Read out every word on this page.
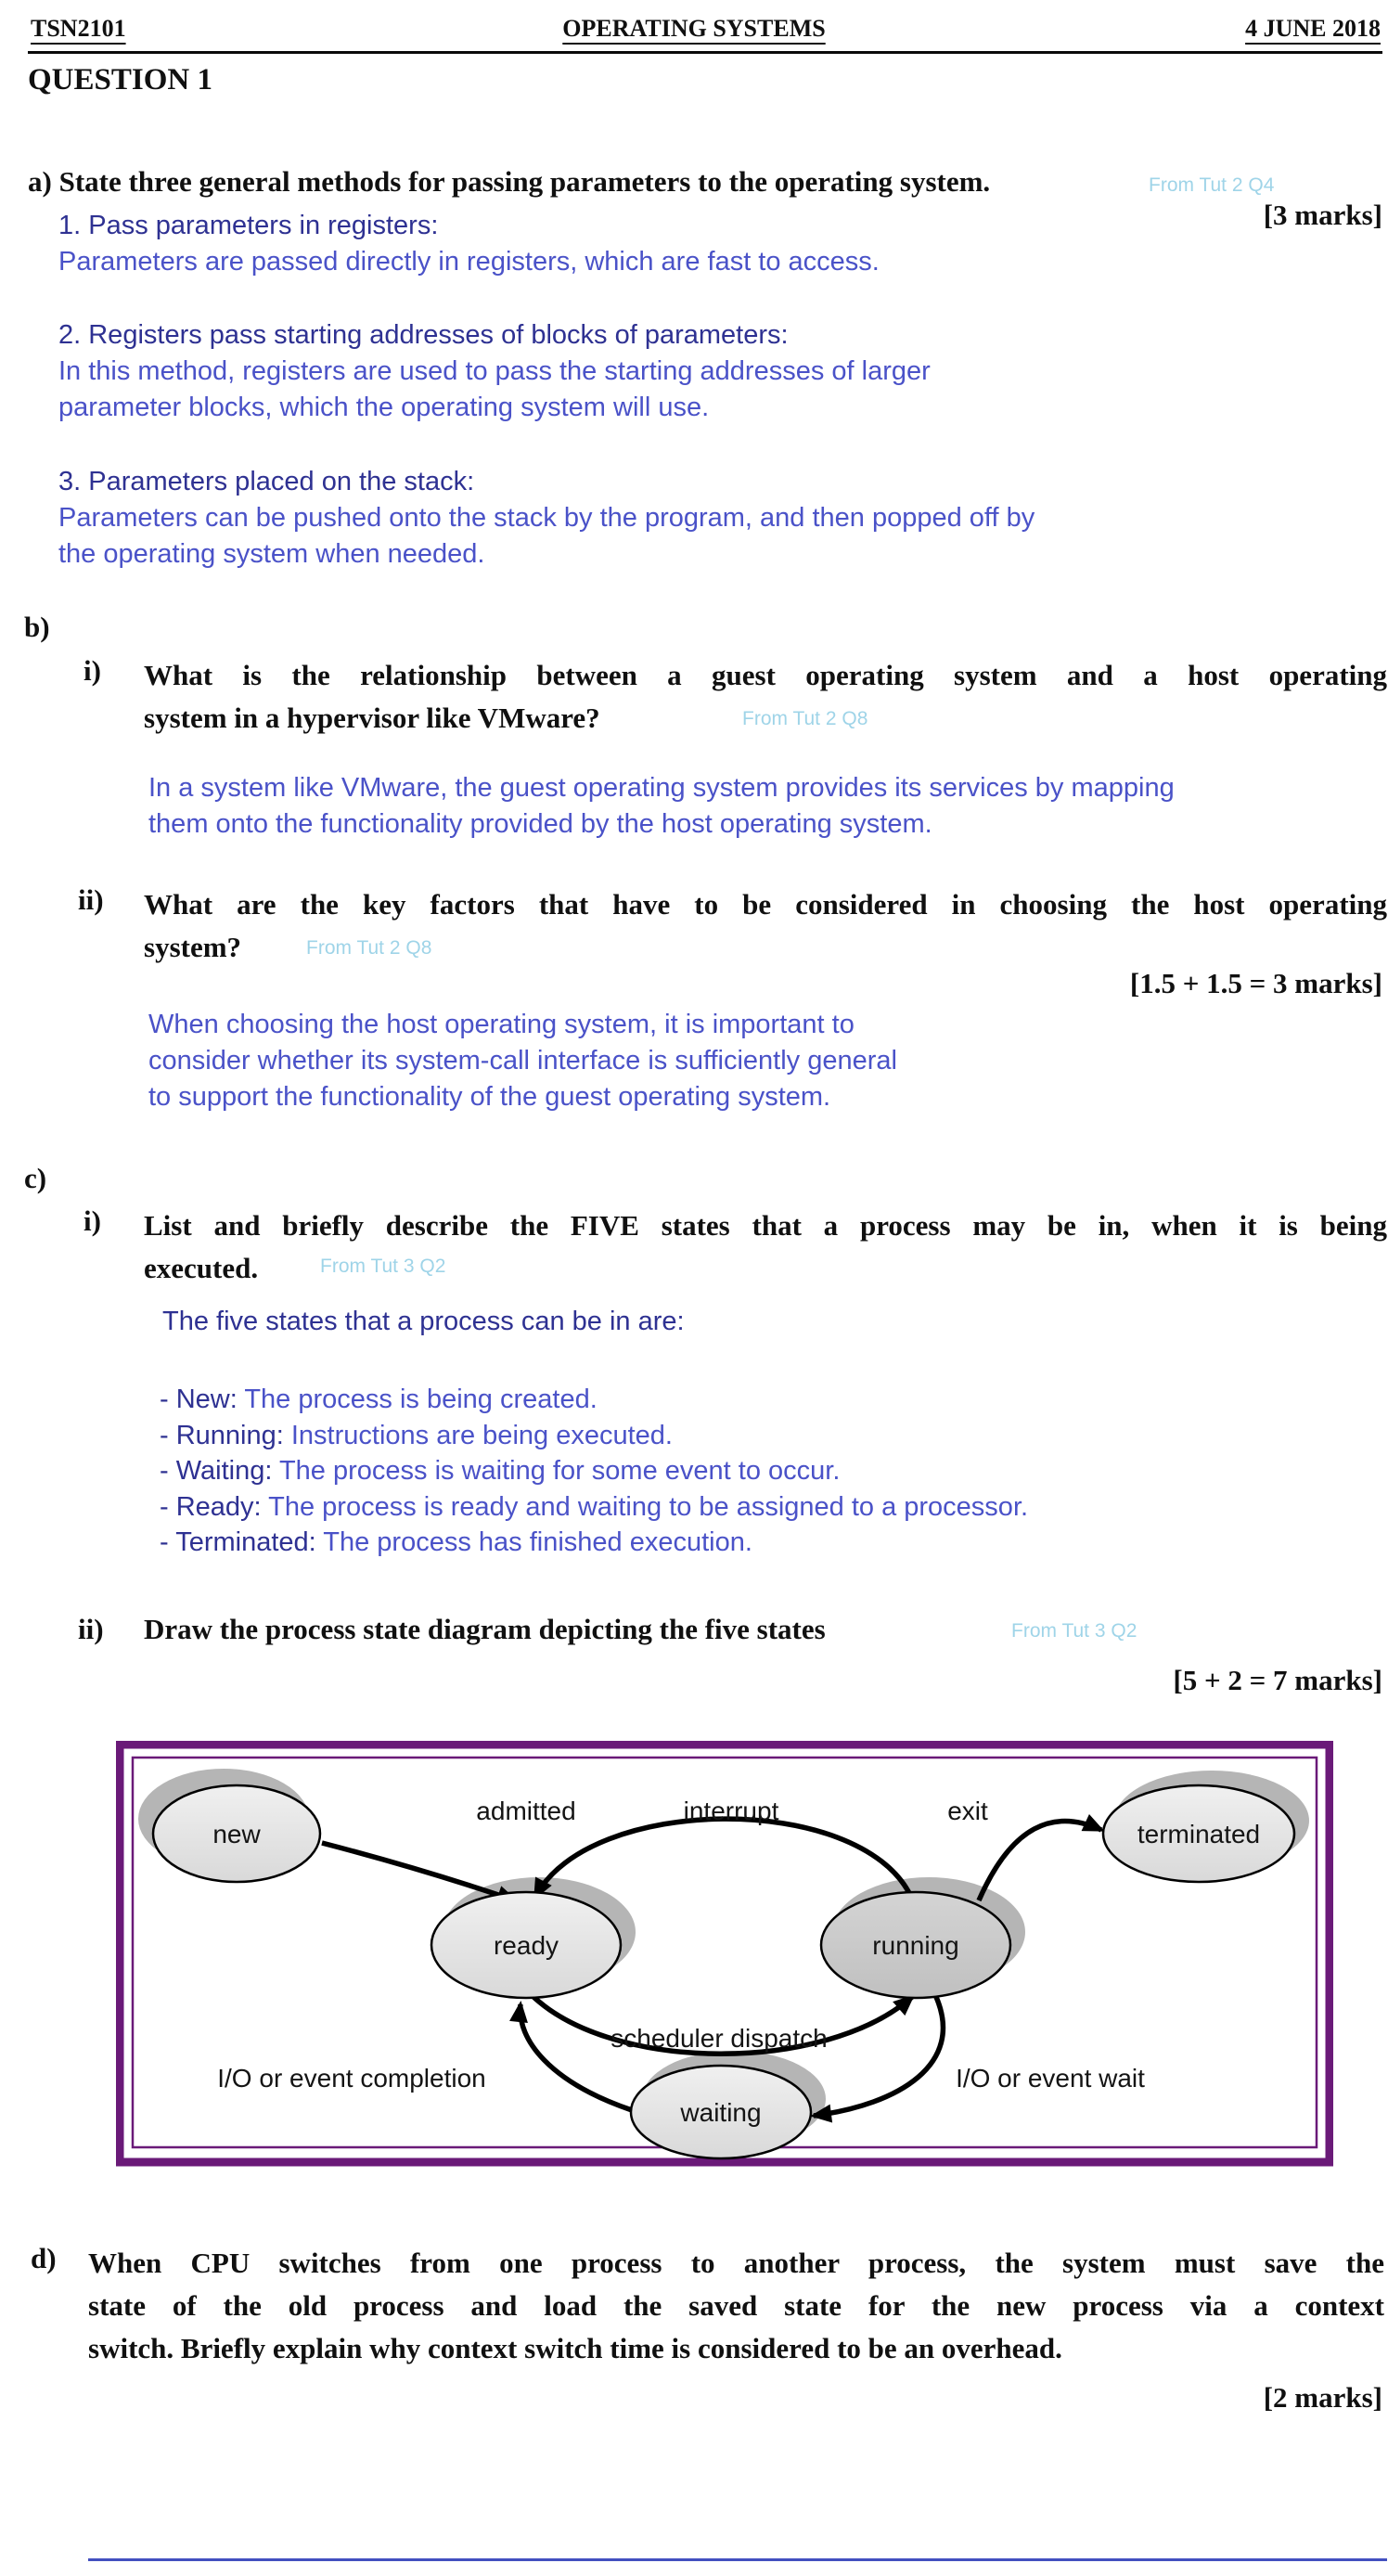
TSN2101	OPERATING SYSTEMS	4 JUNE 2018
QUESTION 1
a) State three general methods for passing parameters to the operating system.	From Tut 2 Q4
[3 marks]
1. Pass parameters in registers:
Parameters are passed directly in registers, which are fast to access.
2. Registers pass starting addresses of blocks of parameters:
In this method, registers are used to pass the starting addresses of larger
parameter blocks, which the operating system will use.
3. Parameters placed on the stack:
Parameters can be pushed onto the stack by the program, and then popped off by
the operating system when needed.
b)
i) What is the relationship between a guest operating system and a host operating
system in a hypervisor like VMware?	From Tut 2 Q8
In a system like VMware, the guest operating system provides its services by mapping
them onto the functionality provided by the host operating system.
ii) What are the key factors that have to be considered in choosing the host operating
system?	From Tut 2 Q8
[1.5 + 1.5 = 3 marks]
When choosing the host operating system, it is important to
consider whether its system-call interface is sufficiently general
to support the functionality of the guest operating system.
c)
i) List and briefly describe the FIVE states that a process may be in, when it is being
executed.	From Tut 3 Q2
The five states that a process can be in are:
- New: The process is being created.
- Running: Instructions are being executed.
- Waiting: The process is waiting for some event to occur.
- Ready: The process is ready and waiting to be assigned to a processor.
- Terminated: The process has finished execution.
ii) Draw the process state diagram depicting the five states	From Tut 3 Q2
[5 + 2 = 7 marks]
new	terminated
ready	running
waiting
admitted	interrupt	exit
scheduler dispatch
I/O or event completion	I/O or event wait
d) When CPU switches from one process to another process, the system must save the
state of the old process and load the saved state for the new process via a context
switch. Briefly explain why context switch time is considered to be an overhead.
[2 marks]
